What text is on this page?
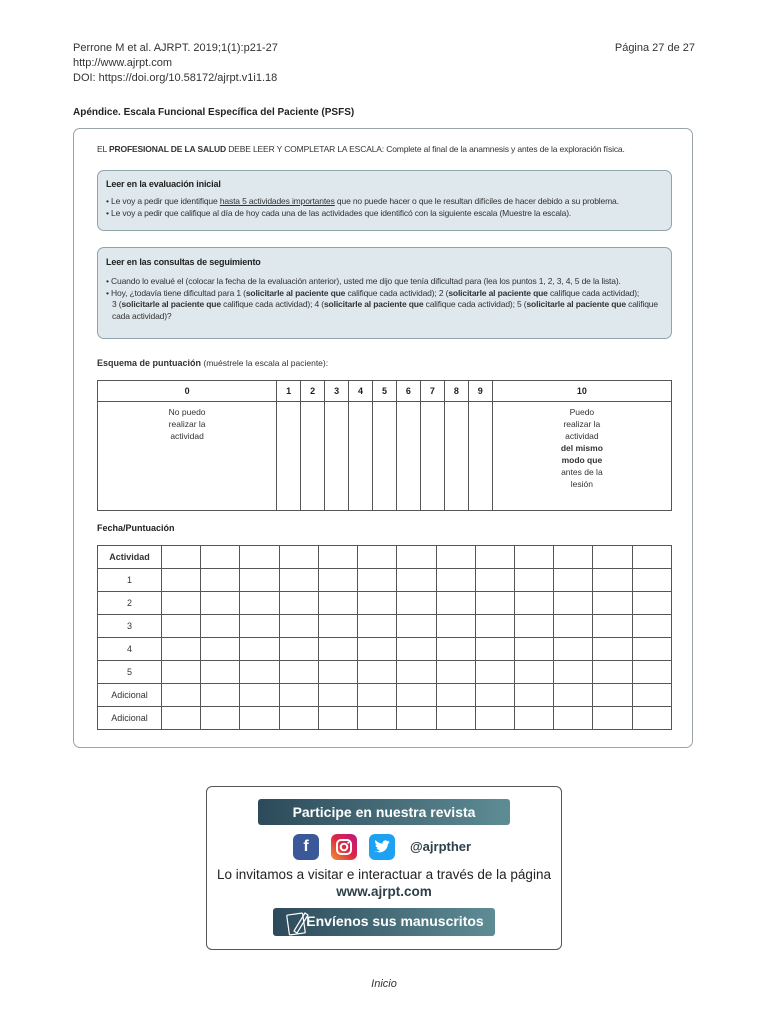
Perrone M et al. AJRPT. 2019;1(1):p21-27
http://www.ajrpt.com
DOI: https://doi.org/10.58172/ajrpt.v1i1.18
Página 27 de 27
Apéndice. Escala Funcional Específica del Paciente (PSFS)
EL PROFESIONAL DE LA SALUD DEBE LEER Y COMPLETAR LA ESCALA: Complete al final de la anamnesis y antes de la exploración física.
Leer en la evaluación inicial
• Le voy a pedir que identifique hasta 5 actividades importantes que no puede hacer o que le resultan difíciles de hacer debido a su problema.
• Le voy a pedir que califique al día de hoy cada una de las actividades que identificó con la siguiente escala (Muestre la escala).
Leer en las consultas de seguimiento
• Cuando lo evalué el (colocar la fecha de la evaluación anterior), usted me dijo que tenía dificultad para (lea los puntos 1, 2, 3, 4, 5 de la lista).
• Hoy, ¿todavía tiene dificultad para 1 (solicitarle al paciente que califique cada actividad); 2 (solicitarle al paciente que califique cada actividad);
3 (solicitarle al paciente que califique cada actividad); 4 (solicitarle al paciente que califique cada actividad); 5 (solicitarle al paciente que califique
cada actividad)?
Esquema de puntuación (muéstrele la escala al paciente):
0	1	2	3	4	5	6	7	8	9	10

No puedo realizar la actividad										Puedo realizar la actividad del mismo modo que antes de la lesión
Fecha/Puntuación
Actividad													
1													
2													
3													
4													
5													
Adicional													
Adicional													
Participe en nuestra revista
f	@ajrpther
Lo invitamos a visitar e interactuar a través de la página
www.ajrpt.com
Envíenos sus manuscritos
Inicio
